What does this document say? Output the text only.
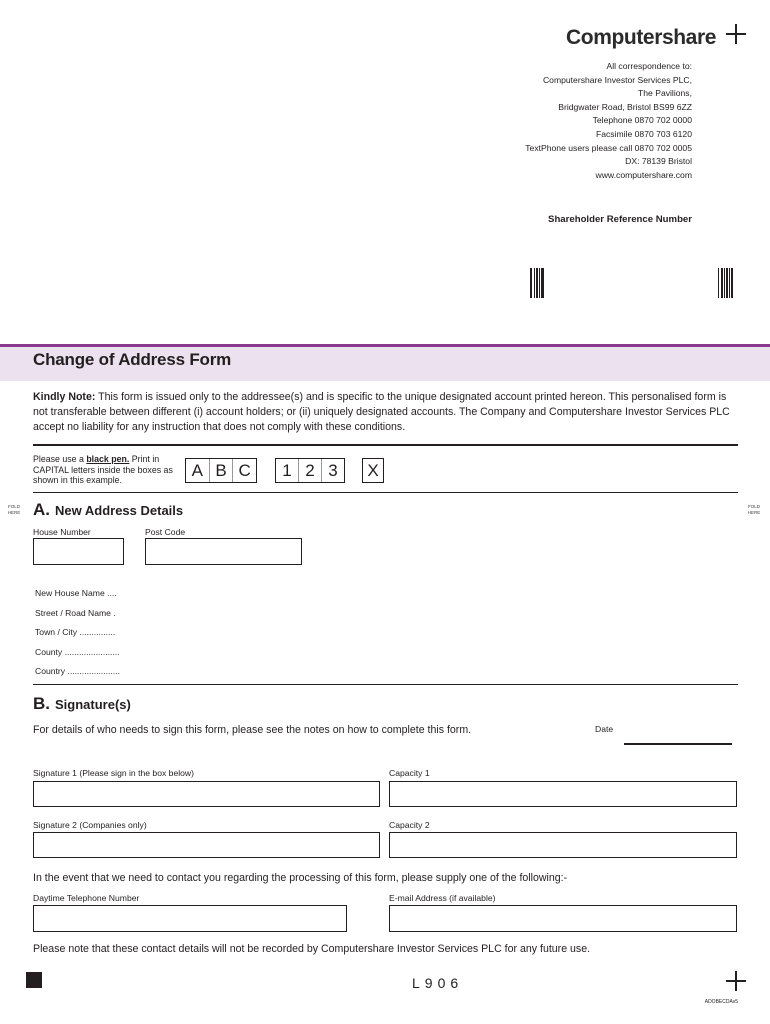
Computershare
All correspondence to:
Computershare Investor Services PLC,
The Pavilions,
Bridgwater Road, Bristol BS99 6ZZ
Telephone 0870 702 0000
Facsimile 0870 703 6120
TextPhone users please call 0870 702 0005
DX: 78139 Bristol
www.computershare.com
Shareholder Reference Number
Change of Address Form
Kindly Note: This form is issued only to the addressee(s) and is specific to the unique designated account printed hereon. This personalised form is not transferable between different (i) account holders; or (ii) uniquely designated accounts. The Company and Computershare Investor Services PLC accept no liability for any instruction that does not comply with these conditions.
Please use a black pen. Print in CAPITAL letters inside the boxes as shown in this example.	A B C	1 2 3	X
FOLD HERE
FOLD HERE
A. New Address Details
House Number	Post Code
New House Name ....
Street / Road Name .
Town / City ...............
County .......................
Country ......................
B. Signature(s)
For details of who needs to sign this form, please see the notes on how to complete this form.	Date
Signature 1 (Please sign in the box below)	Capacity 1
Signature 2 (Companies only)	Capacity 2
In the event that we need to contact you regarding the processing of this form, please supply one of the following:-
Daytime Telephone Number	E-mail Address (if available)
Please note that these contact details will not be recorded by Computershare Investor Services PLC for any future use.
L906
ADOBECDAv5
